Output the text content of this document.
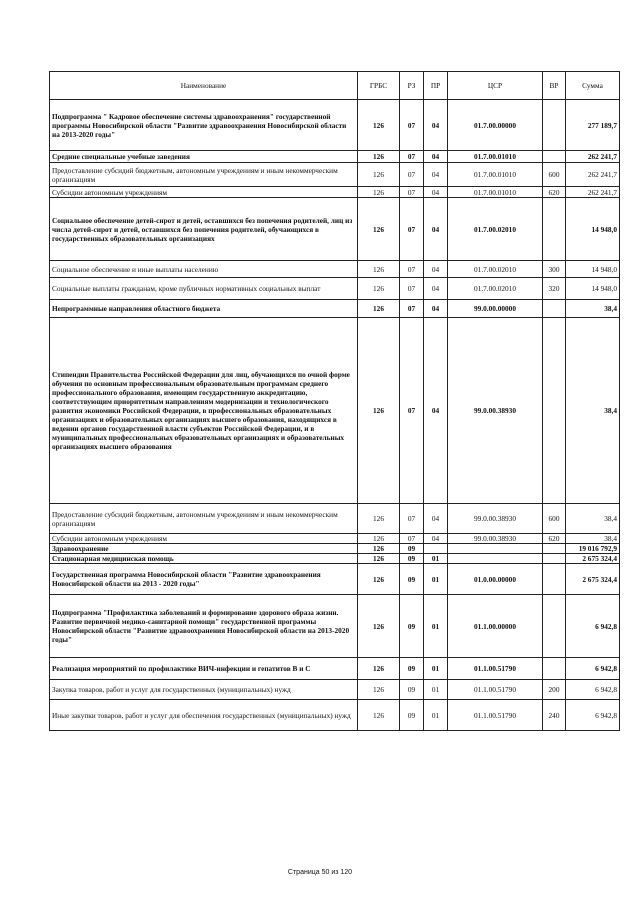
Наименование	ГРБС	РЗ	ПР	ЦСР	ВР	Сумма
Подпрограмма " Кадровое обеспечение системы здравоохранения" государственной программы Новосибирской области "Развитие здравоохранения Новосибирской области на 2013-2020 годы"	126	07	04	01.7.00.00000		277 189,7
Средние специальные учебные заведения	126	07	04	01.7.00.01010		262 241,7
Предоставление субсидий бюджетным, автономным учреждениям и иным некоммерческим организациям	126	07	04	01.7.00.01010	600	262 241,7
Субсидии автономным учреждениям	126	07	04	01.7.00.01010	620	262 241,7
Социальное обеспечение детей-сирот и детей, оставшихся без попечения родителей, лиц из числа детей-сирот и детей, оставшихся без попечения родителей, обучающихся в государственных образовательных организациях	126	07	04	01.7.00.02010		14 948,0
Социальное обеспечение и иные выплаты населению	126	07	04	01.7.00.02010	300	14 948,0
Социальные выплаты гражданам, кроме публичных нормативных социальных выплат	126	07	04	01.7.00.02010	320	14 948,0
Непрограммные направления областного бюджета	126	07	04	99.0.00.00000		38,4
Стипендии Правительства Российской Федерации для лиц, обучающихся по очной форме обучения по основным профессиональным образовательным программам среднего профессионального образования, имеющим государственную аккредитацию, соответствующим приоритетным направлениям модернизации и технологического развития экономики Российской Федерации, в профессиональных образовательных организациях и образовательных организациях высшего образования, находящихся в ведении органов государственной власти субъектов Российской Федерации, и в муниципальных профессиональных образовательных организациях и образовательных организациях высшего образования	126	07	04	99.0.00.38930		38,4
Предоставление субсидий бюджетным, автономным учреждениям и иным некоммерческим организациям	126	07	04	99.0.00.38930	600	38,4
Субсидии автономным учреждениям	126	07	04	99.0.00.38930	620	38,4
Здравоохранение	126	09				19 016 792,9
Стационарная медицинская помощь	126	09	01			2 675 324,4
Государственная программа Новосибирской области "Развитие здравоохранения Новосибирской области на 2013 - 2020 годы"	126	09	01	01.0.00.00000		2 675 324,4
Подпрограмма "Профилактика заболеваний и формирование здорового образа жизни. Развитие первичной медико-санитарной помощи" государственной программы Новосибирской области "Развитие здравоохранения Новосибирской области на 2013-2020 годы"	126	09	01	01.1.00.00000		6 942,8
Реализация мероприятий по профилактике ВИЧ-инфекции и гепатитов В и С	126	09	01	01.1.00.51790		6 942,8
Закупка товаров, работ и услуг для государственных (муниципальных) нужд	126	09	01	01.1.00.51790	200	6 942,8
Иные закупки товаров, работ и услуг для обеспечения государственных (муниципальных) нужд	126	09	01	01.1.00.51790	240	6 942,8
Страница 50 из 120
